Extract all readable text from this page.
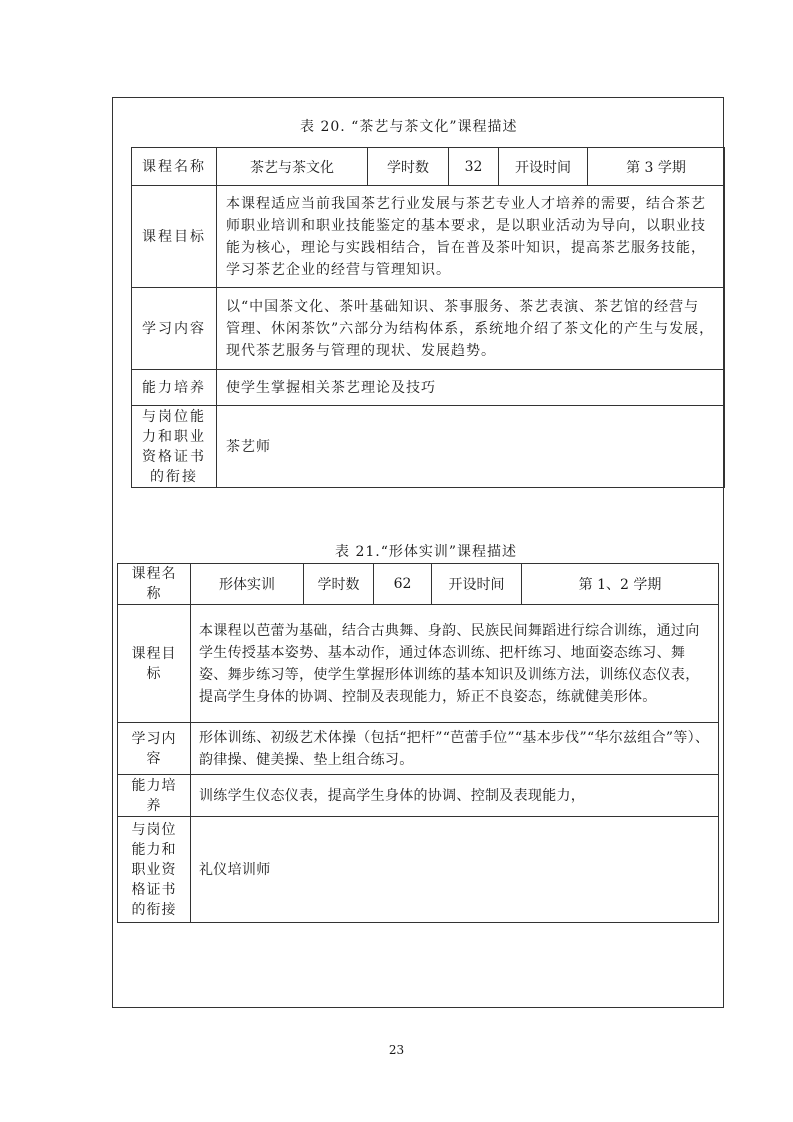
表 20. “茶艺与茶文化”课程描述
课程名称	茶艺与茶文化	学时数	32	开设时间	第 3 学期
课程目标	本课程适应当前我国茶艺行业发展与茶艺专业人才培养的需要，结合茶艺
师职业培训和职业技能鉴定的基本要求，是以职业活动为导向，以职业技
能为核心，理论与实践相结合，旨在普及茶叶知识，提高茶艺服务技能，
学习茶艺企业的经营与管理知识。				

学习内容	以“中国茶文化、茶叶基础知识、茶事服务、茶艺表演、茶艺馆的经营与
管理、休闲茶饮”六部分为结构体系，系统地介绍了茶文化的产生与发展，
现代茶艺服务与管理的现状、发展趋势。				

能力培养	使学生掌握相关茶艺理论及技巧				

与岗位能
力和职业
资格证书
的衔接	茶艺师				
表 21.“形体实训”课程描述
课程名
称	形体实训	学时数	62	开设时间	第 1、2 学期

课程目
标	本课程以芭蕾为基础，结合古典舞、身韵、民族民间舞蹈进行综合训练，通过向学生传授基本姿势、基本动作，通过体态训练、把杆练习、地面姿态练习、舞姿、舞步练习等，使学生掌握形体训练的基本知识及训练方法，训练仪态仪表，提高学生身体的协调、控制及表现能力，矫正不良姿态，练就健美形体。				

学习内
容	形体训练、初级艺术体操（包括“把杆”“芭蕾手位”“基本步伐”“华尔兹组合”等）、韵律操、健美操、垫上组合练习。				

能力培
养	训练学生仪态仪表，提高学生身体的协调、控制及表现能力，				

与岗位
能力和
职业资
格证书
的衔接	礼仪培训师				
23
